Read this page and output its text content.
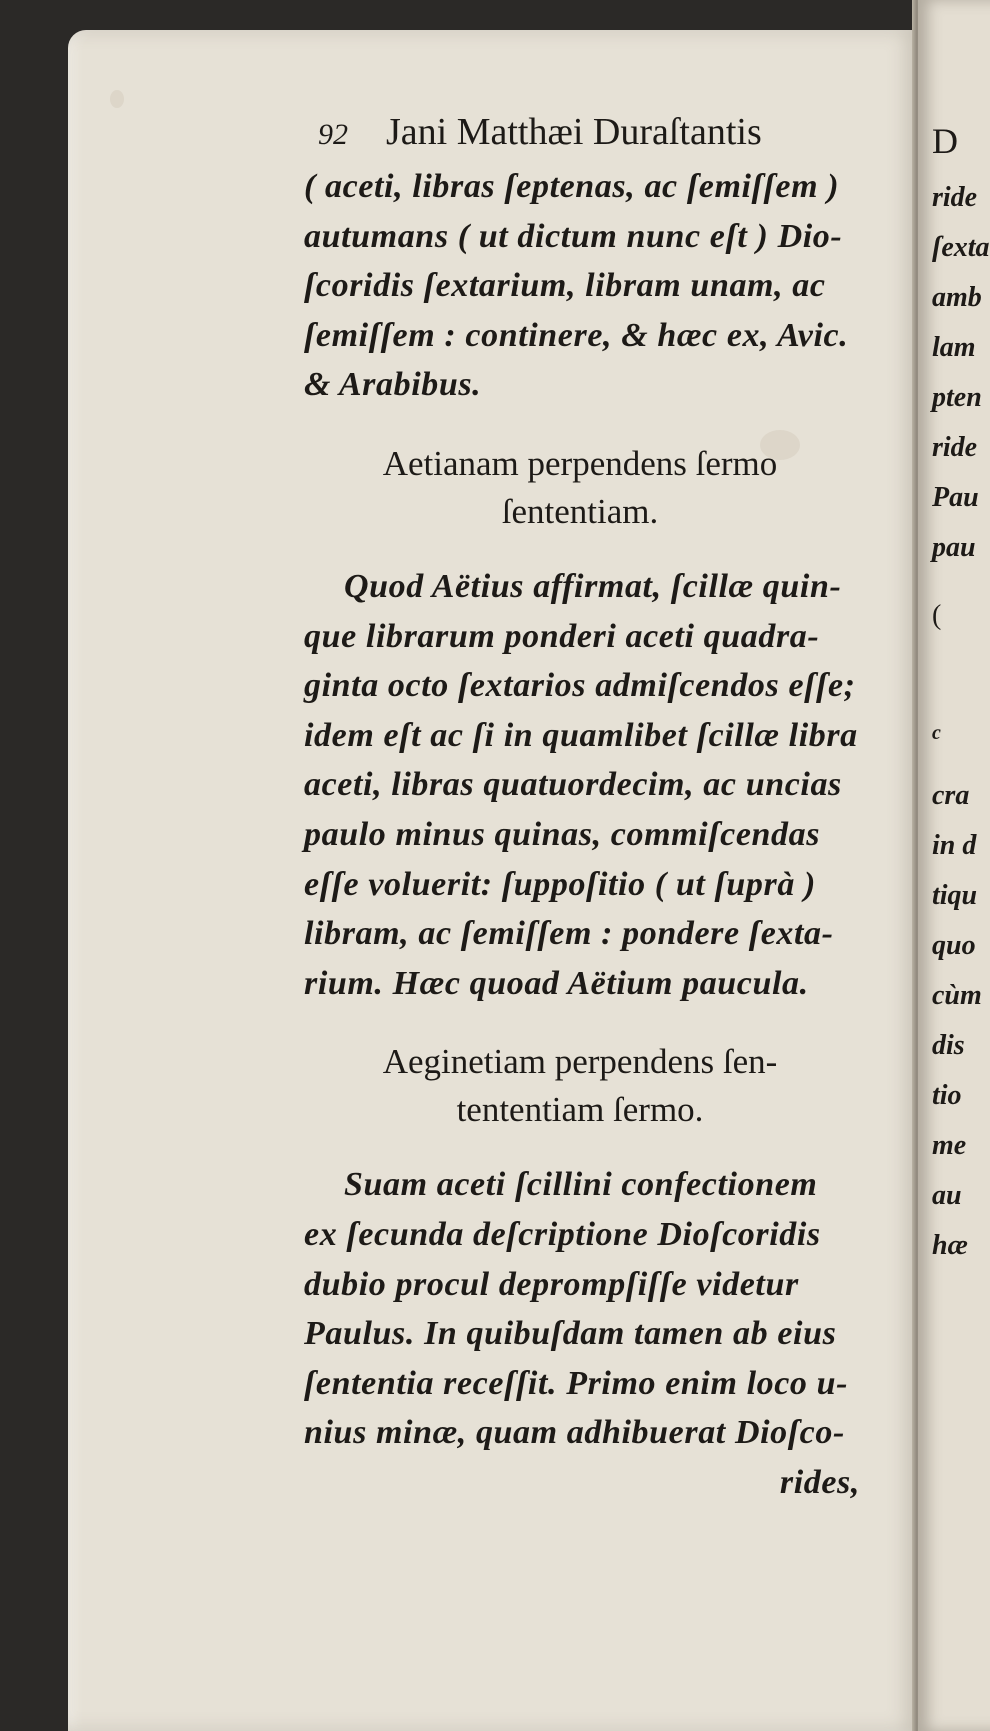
92 Jani Matthæi Duraſtantis
( aceti, libras ſeptenas, ac ſemiſſem )
autumans ( ut dictum nunc eſt ) Dio-
ſcoridis ſextarium, libram unam, ac
ſemiſſem : continere, & hæc ex, Avic.
& Arabibus.
Aetianam perpendens ſermo
ſententiam.
Quod Aëtius affirmat, ſcillæ quin-
que librarum ponderi aceti quadra-
ginta octo ſextarios admiſcendos eſſe;
idem eſt ac ſi in quamlibet ſcillæ libra
aceti, libras quatuordecim, ac uncias
paulo minus quinas, commiſcendas
eſſe voluerit: ſuppoſitio ( ut ſuprà )
libram, ac ſemiſſem : pondere ſexta-
rium. Hæc quoad Aëtium paucula.
Aeginetiam perpendens ſen-
tententiam ſermo.
Suam aceti ſcillini confectionem
ex ſecunda deſcriptione Dioſcoridis
dubio procul deprompſiſſe videtur
Paulus. In quibuſdam tamen ab eius
ſententia receſſit. Primo enim loco u-
nius minæ, quam adhibuerat Dioſco-
rides,
D
ride
ſexta
amb
lam
pten
ride
Pau
pau
(
c
cra
in d
tiqu
quo
cùm
dis
tio
me
au
hæ
